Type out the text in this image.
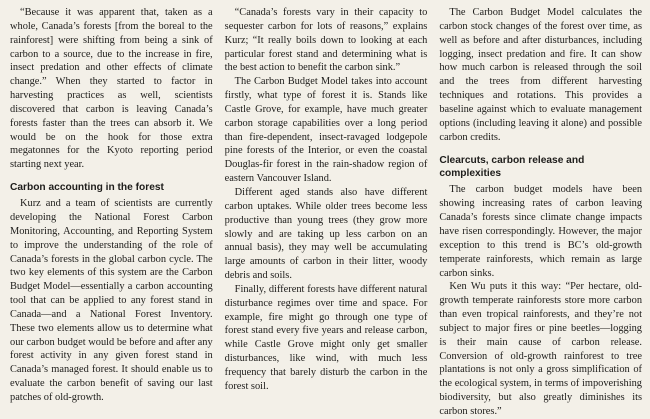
“Because it was apparent that, taken as a whole, Canada’s forests [from the boreal to the rainforest] were shifting from being a sink of carbon to a source, due to the increase in fire, insect predation and other effects of climate change.” When they started to factor in harvesting practices as well, scientists discovered that carbon is leaving Canada’s forests faster than the trees can absorb it. We would be on the hook for those extra megatonnes for the Kyoto reporting period starting next year.

Carbon accounting in the forest

Kurz and a team of scientists are currently developing the National Forest Carbon Monitoring, Accounting, and Reporting System to improve the understanding of the role of Canada’s forests in the global carbon cycle. The two key elements of this system are the Carbon Budget Model—essentially a carbon accounting tool that can be applied to any forest stand in Canada—and a National Forest Inventory. These two elements allow us to determine what our carbon budget would be before and after any forest activity in any given forest stand in Canada’s managed forest. It should enable us to evaluate the carbon benefit of saving our last patches of old-growth.

“Canada’s forests vary in their capacity to sequester carbon for lots of reasons,” explains Kurz; “It really boils down to looking at each particular forest stand and determining what is the best action to benefit the carbon sink.”

The Carbon Budget Model takes into account firstly, what type of forest it is. Stands like Castle Grove, for example, have much greater carbon storage capabilities over a long period than fire-dependent, insect-ravaged lodgepole pine forests of the Interior, or even the coastal Douglas-fir forest in the rain-shadow region of eastern Vancouver Island.

Different aged stands also have different carbon uptakes. While older trees become less productive than young trees (they grow more slowly and are taking up less carbon on an annual basis), they may well be accumulating large amounts of carbon in their litter, woody debris and soils.

Finally, different forests have different natural disturbance regimes over time and space. For example, fire might go through one type of forest stand every five years and release carbon, while Castle Grove might only get smaller disturbances, like wind, with much less frequency that barely disturb the carbon in the forest soil.

The Carbon Budget Model calculates the carbon stock changes of the forest over time, as well as before and after disturbances, including logging, insect predation and fire. It can show how much carbon is released through the soil and the trees from different harvesting techniques and rotations. This provides a baseline against which to evaluate management options (including leaving it alone) and possible carbon credits.

Clearcuts, carbon release and complexities

The carbon budget models have been showing increasing rates of carbon leaving Canada’s forests since climate change impacts have risen correspondingly. However, the major exception to this trend is BC’s old-growth temperate rainforests, which remain as large carbon sinks.

Ken Wu puts it this way: “Per hectare, old-growth temperate rainforests store more carbon than even tropical rainforests, and they’re not subject to major fires or pine beetles—logging is their main cause of carbon release. Conversion of old-growth rainforest to tree plantations is not only a gross simplification of the ecological system, in terms of impoverishing biodiversity, but also greatly diminishes its carbon stores.”
